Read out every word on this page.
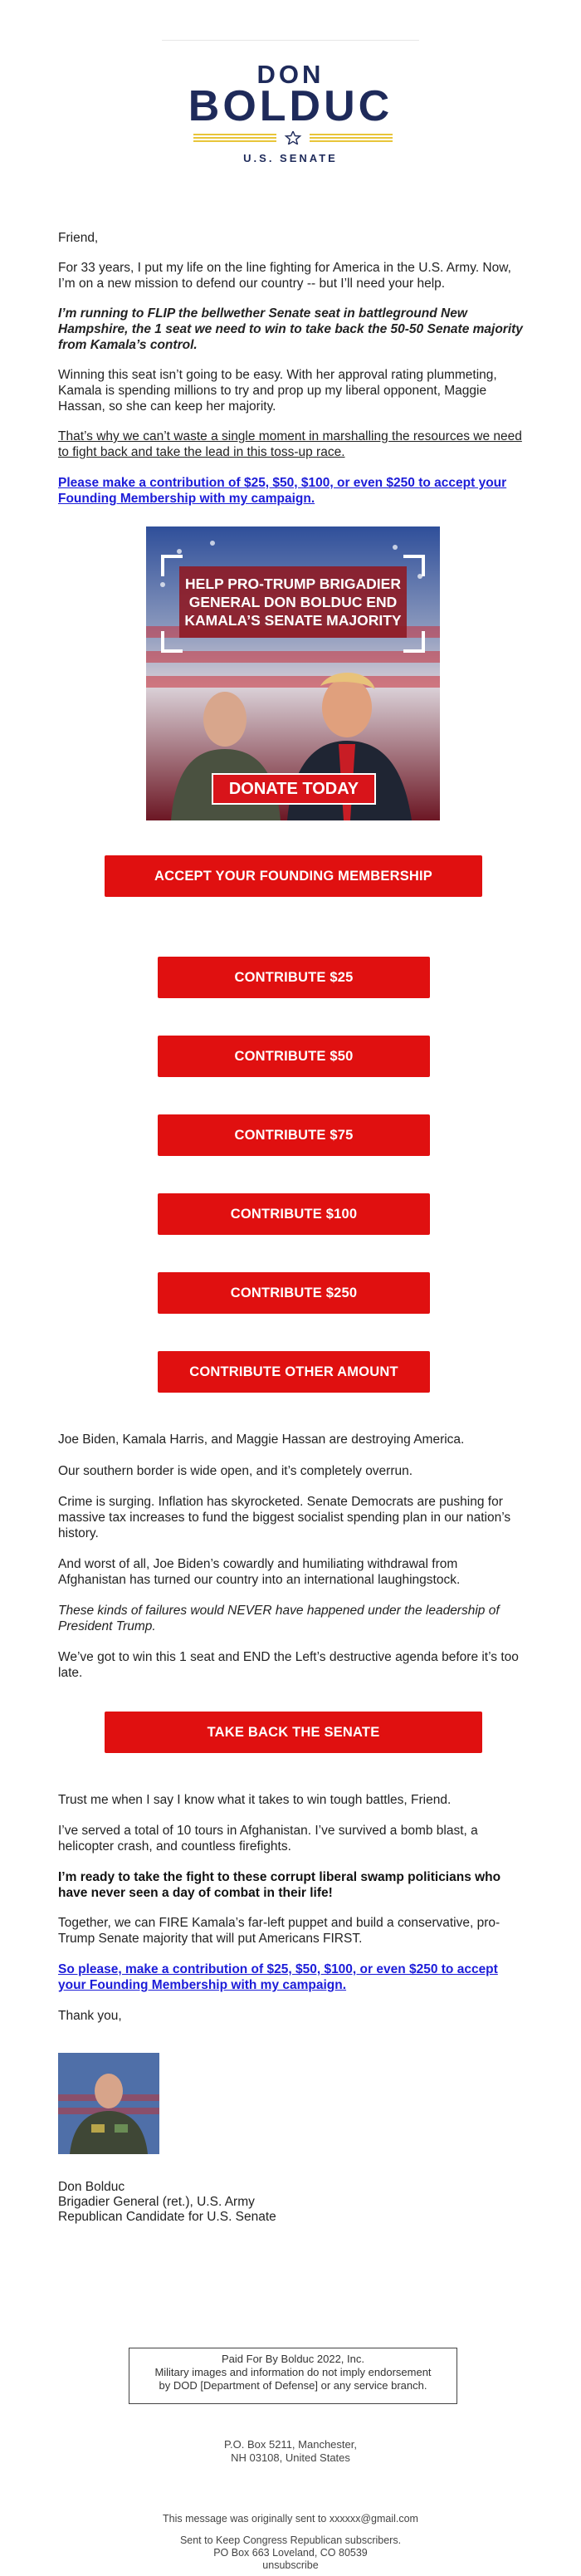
DON
BOLDUC
U.S. SENATE
Friend,
For 33 years, I put my life on the line fighting for America in the U.S. Army. Now, I’m on a new mission to defend our country -- but I’ll need your help.
I’m running to FLIP the bellwether Senate seat in battleground New Hampshire, the 1 seat we need to win to take back the 50-50 Senate majority from Kamala’s control.
Winning this seat isn’t going to be easy. With her approval rating plummeting, Kamala is spending millions to try and prop up my liberal opponent, Maggie Hassan, so she can keep her majority.
That’s why we can’t waste a single moment in marshalling the resources we need to fight back and take the lead in this toss-up race.
Please make a contribution of $25, $50, $100, or even $250 to accept your Founding Membership with my campaign.
HELP PRO-TRUMP BRIGADIER
GENERAL DON BOLDUC END
KAMALA’S SENATE MAJORITY
DONATE TODAY
ACCEPT YOUR FOUNDING MEMBERSHIP
CONTRIBUTE $25
CONTRIBUTE $50
CONTRIBUTE $75
CONTRIBUTE $100
CONTRIBUTE $250
CONTRIBUTE OTHER AMOUNT
Joe Biden, Kamala Harris, and Maggie Hassan are destroying America.
Our southern border is wide open, and it’s completely overrun.
Crime is surging. Inflation has skyrocketed. Senate Democrats are pushing for massive tax increases to fund the biggest socialist spending plan in our nation’s history.
And worst of all, Joe Biden’s cowardly and humiliating withdrawal from Afghanistan has turned our country into an international laughingstock.
These kinds of failures would NEVER have happened under the leadership of President Trump.
We’ve got to win this 1 seat and END the Left’s destructive agenda before it’s too late.
TAKE BACK THE SENATE
Trust me when I say I know what it takes to win tough battles, Friend.
I’ve served a total of 10 tours in Afghanistan. I’ve survived a bomb blast, a helicopter crash, and countless firefights.
I’m ready to take the fight to these corrupt liberal swamp politicians who have never seen a day of combat in their life!
Together, we can FIRE Kamala’s far-left puppet and build a conservative, pro-Trump Senate majority that will put Americans FIRST.
So please, make a contribution of $25, $50, $100, or even $250 to accept your Founding Membership with my campaign.
Thank you,
Don Bolduc
Brigadier General (ret.), U.S. Army
Republican Candidate for U.S. Senate
Paid For By Bolduc 2022, Inc.
Military images and information do not imply endorsement
by DOD [Department of Defense] or any service branch.
P.O. Box 5211, Manchester,
NH 03108, United States
This message was originally sent to xxxxxx@gmail.com
Sent to Keep Congress Republican subscribers.
PO Box 663 Loveland, CO 80539
unsubscribe
